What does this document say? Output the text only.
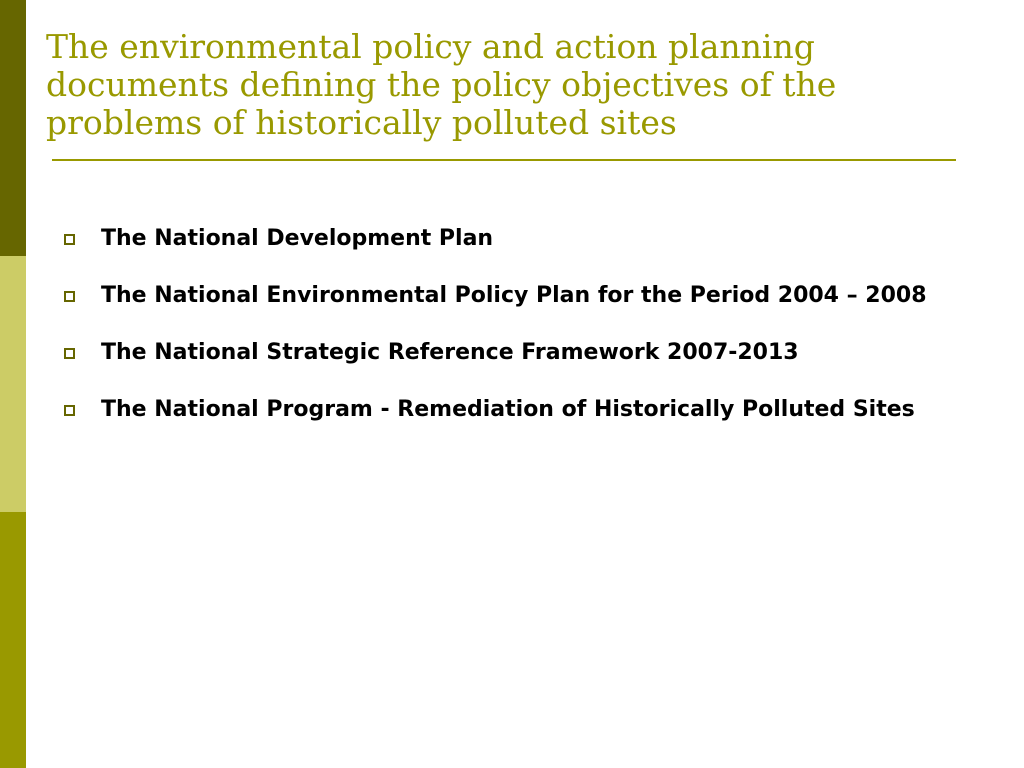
The environmental policy and action planning documents defining the policy objectives of the problems of historically polluted sites
The National Development Plan
The National Environmental Policy Plan for the Period 2004 – 2008
The National Strategic Reference Framework 2007-2013
The National Program - Remediation of Historically Polluted Sites
